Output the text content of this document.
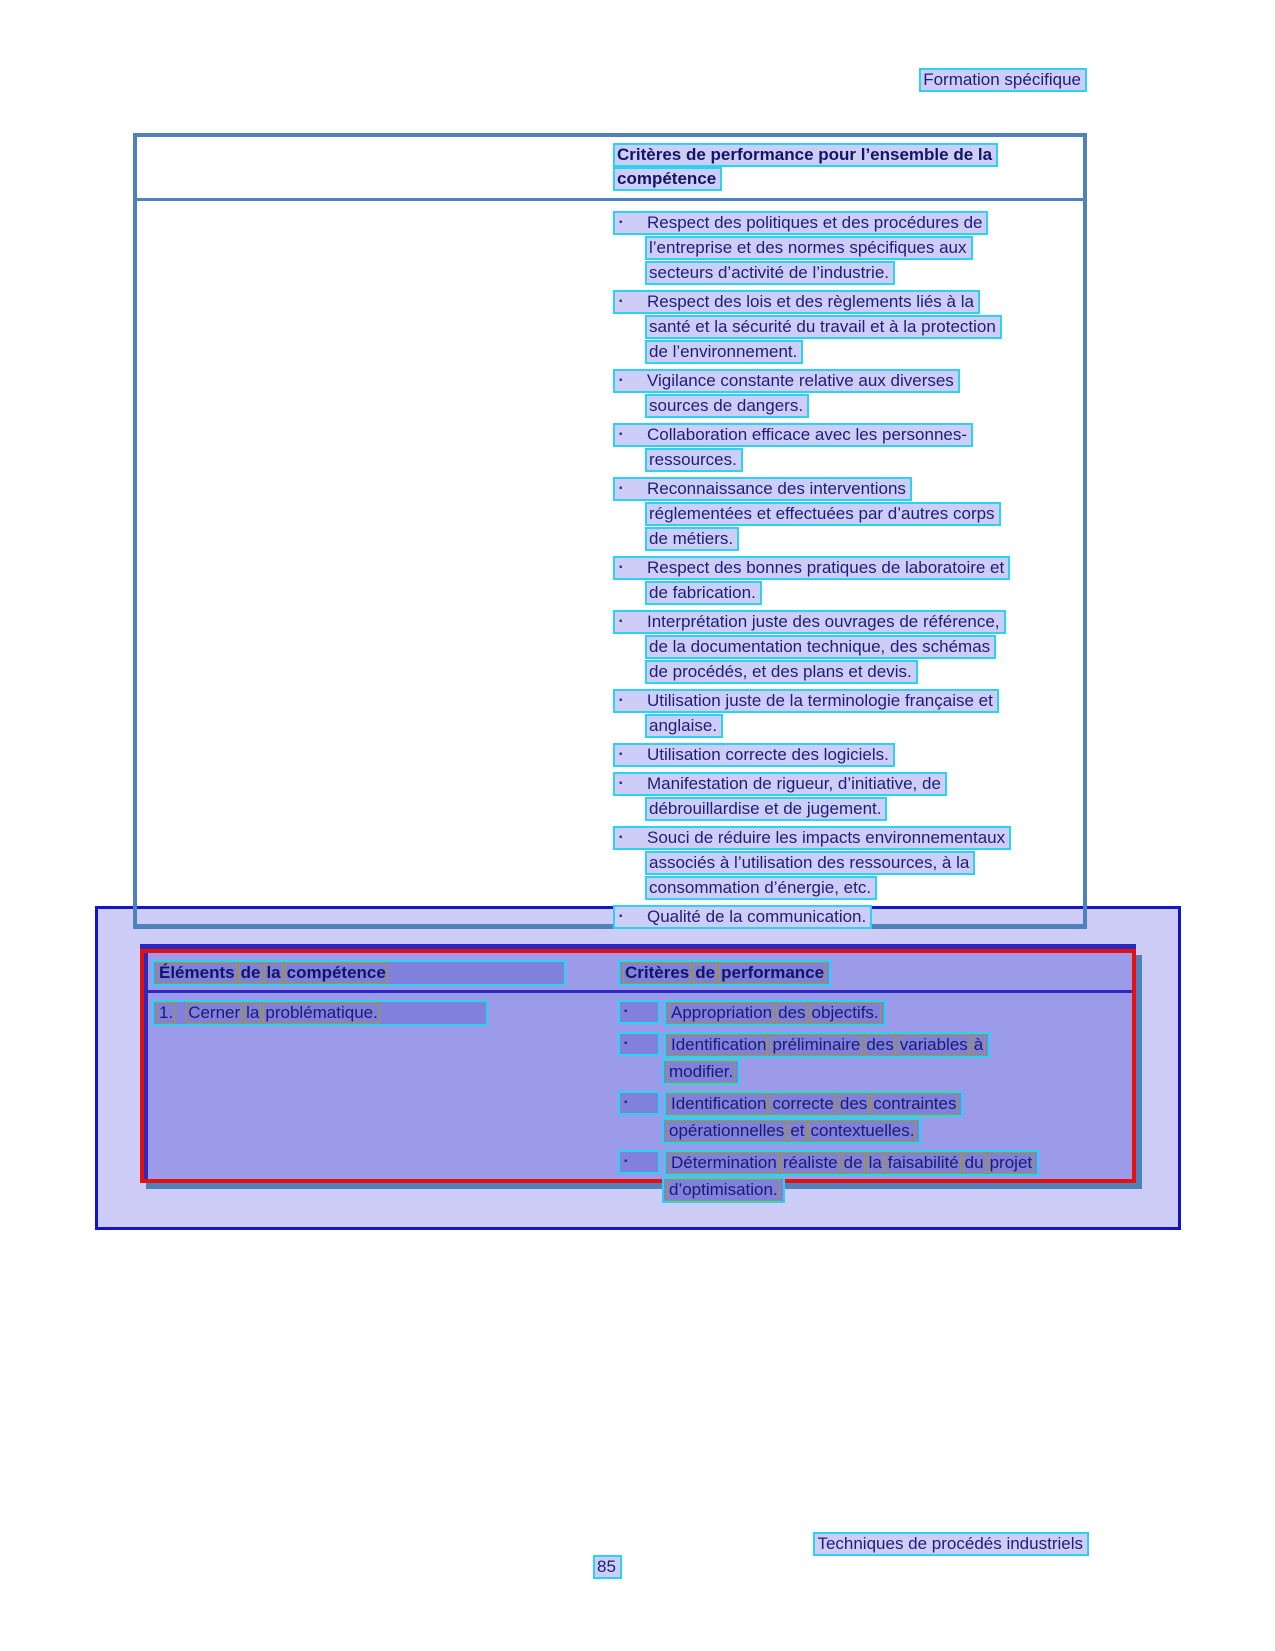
Formation spécifique
Critères de performance pour l’ensemble de la
compétence
▪ Respect des politiques et des procédures de
l’entreprise et des normes spécifiques aux
secteurs d’activité de l’industrie.
▪ Respect des lois et des règlements liés à la
santé et la sécurité du travail et à la protection
de l’environnement.
▪ Vigilance constante relative aux diverses
sources de dangers.
▪ Collaboration efficace avec les personnes-
ressources.
▪ Reconnaissance des interventions
réglementées et effectuées par d’autres corps
de métiers.
▪ Respect des bonnes pratiques de laboratoire et
de fabrication.
▪ Interprétation juste des ouvrages de référence,
de la documentation technique, des schémas
de procédés, et des plans et devis.
▪ Utilisation juste de la terminologie française et
anglaise.
▪ Utilisation correcte des logiciels.
▪ Manifestation de rigueur, d’initiative, de
débrouillardise et de jugement.
▪ Souci de réduire les impacts environnementaux
associés à l’utilisation des ressources, à la
consommation d’énergie, etc.
▪ Qualité de la communication.
Éléments de la compétence	Critères de performance
1. Cerner la problématique.	▪	Appropriation des objectifs.
▪	Identification préliminaire des variables à
modifier.
▪	Identification correcte des contraintes
opérationnelles et contextuelles.
▪	Détermination réaliste de la faisabilité du projet
d’optimisation.
Techniques de procédés industriels
85
